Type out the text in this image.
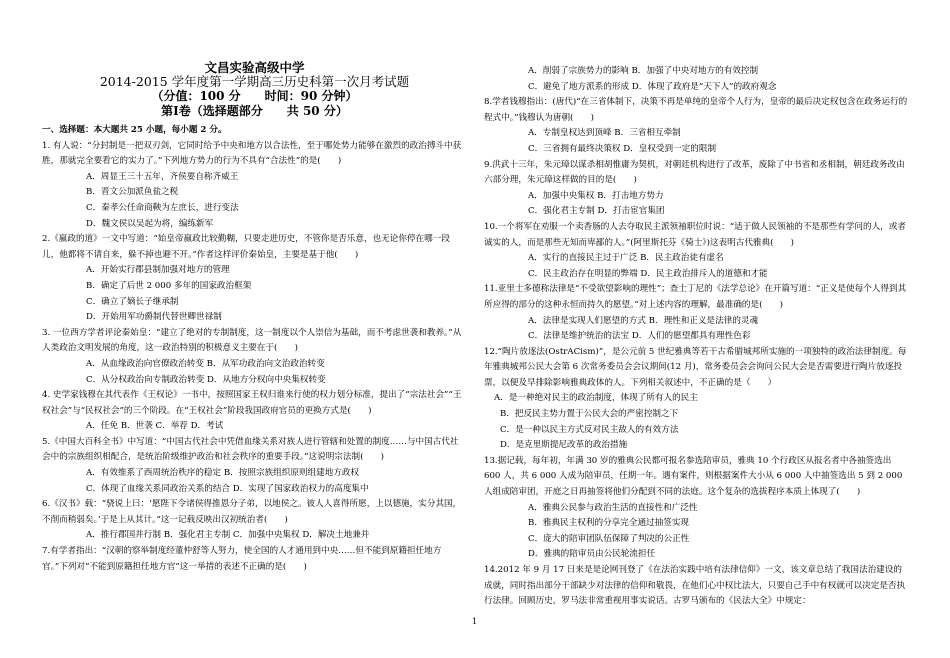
文昌实验高级中学
2014-2015 学年度第一学期高三历史科第一次月考试题
（分值：100 分　　时间：90 分钟）
第Ⅰ卷（选择题部分　　共 50 分）
一、选择题：本大题共 25 小题，每小题 2 分。
1. 有人说：“分封制是一把双刃剑，它同时给予中央和地方以合法性，至于哪处势力能够在激烈的政治搏斗中获胜，那就完全要看它的实力了。”下列地方势力的行为不具有“合法性”的是(　　)
A．周显王三十五年，齐侯要自称齐威王
B．晋文公加派鱼盐之税
C．秦孝公任命商鞅为左庶长，进行变法
D．魏文侯以吴起为将，编练新军
2.《嬴政的道》一文中写道：“始皇帝嬴政比较勤糊，只要走进历史，不管你是否乐意，也无论你停在哪一段儿，他都将不请自来，躲不掉也避不开。”作者这样评价秦始皇，主要是基于他(　　)
A．开始实行郡县制加强对地方的管理
B．确定了后世 2 000 多年的国家政治框架
C．确立了嫡长子继承制
D．开始用军功爵制代替世卿世禄制
3. 一位西方学者评论秦始皇：“建立了绝对的专制制度，这一制度以个人崇信为基础，而不考虑世袭和教养。”从人类政治文明发展的角度，这一政治特别的积极意义主要在于(　　)
A．从血缘政治向官僚政治转变 B．从军功政治向文治政治转变
C．从分权政治向专制政治转变 D．从地方分权向中央集权转变
4. 史学家钱穆在其代表作《王权论》一书中，按照国家王权归谁来行使的权力划分标准，提出了“宗法社会”“王权社会”与“民权社会”的三个阶段。在“王权社会”阶段我国政府官员的更换方式是(　　)
A．任免 B．世袭 C．举荐 D．考试
5.《中国大百科全书》中写道：“中国古代社会中凭借血缘关系对族人进行管辖和处置的制度……与中国古代社会中的宗族组织相配合，是统治阶级维护政治和社会秩序的重要手段。”这说明宗法制(　　)
A．有效维系了西周统治秩序的稳定 B．按照宗族组织原则组建地方政权
C．体现了血缘关系同政治关系的结合 D．实现了国家政治权力的高度集中
6.《汉书》载：“骁说上曰：‘愿陛下令诸侯得推恩分子弟，以地侯之。彼人人喜得所愿，上以德施，实分其国，不削而稍弱矣。’于是上从其计。”这一记载反映出汉初统治者(　　)
A．推行郡国并行制 B．强化君主专制 C．加强中央集权 D．解决土地兼并
7.有学者指出：“汉朝的察举制度经董仲舒等人努力，使全国的人才通用到中央……但不能到原籍担任地方官。”下列对“不能到原籍担任地方官”这一举措的表述不正确的是(　　)
A．削弱了宗族势力的影响 B．加强了中央对地方的有效控制
C．避免了地方派系的形成 D．体现了政府是“天下人”的政府观念
8.学者钱穆指出：(唐代)“在三省体制下，决策不再是单纯的皇帝个人行为，皇帝的最后决定权包含在政务运行的程式中。”钱穆认为唐朝(　　)
A．专制皇权达到顶峰 B．三省相互牵制
C．三省拥有最终决策权 D．皇权受到一定的限制
9.洪武十三年，朱元璋以谋杀相胡惟庸为契机，对朝廷机构进行了改革，废除了中书省和丞相制，朝廷政务改由六部分理，朱元璋这样做的目的是(　　)
A．加强中央集权 B．打击地方势力
C．强化君主专制 D．打击宦官集团
10.一个将军在劝服一个卖香肠的人去夺取民主派领袖职位时说：“适于做人民领袖的不是那些有学问的人，或者诚实的人，而是那些无知而卑鄙的人。”(阿里斯托芬《骑士》)这表明古代雅典(　　)
A．实行的直接民主过于广泛 B．民主政治徒有虚名
C．民主政治存在明显的弊端 D．民主政治排斥人的道德和才能
11.亚里士多德称法律是“不受欲望影响的理性”；查士丁尼的《法学总论》在开篇写道：“正义是使每个人得到其所应得的部分的这种永恒而持久的愿望。”对上述内容的理解，最准确的是(　　)
A．法律是实现人们愿望的方式 B．理性和正义是法律的灵魂
C．法律是维护统治的法宝 D．人们的愿望都具有理性色彩
12.“陶片放逐法(OstrACism)”，是公元前 5 世纪雅典等若干古希腊城邦所实施的一项独特的政治法律制度。每年雅典城邦公民大会第 6 次常务委员会会议期间(12 月)，常务委员会会询问公民大会是否需要进行陶片放逐投票，以便及早排除影响雅典政体的人。下列相关叙述中，不正确的是（　　）
A．是一种绝对民主的政治制度，体现了所有人的民主
B．把反民主势力置于公民大会的严密控制之下
C．是一种以民主方式反对民主敌人的有效方法
D．是克里斯提尼改革的政治措施
13.据记载，每年初，年满 30 岁的雅典公民都可报名参选陪审员，雅典 10 个行政区从报名者中各抽签选出 600 人，共 6 000 人成为陪审员，任期一年。遇有案件，则根据案件大小从 6 000 人中抽签选出 5 到 2 000 人组成陪审团，开庭之日再抽签将他们分配到不同的法庭。这个复杂的选拔程序本质上体现了(　　)
A．雅典公民参与政治生活的直接性和广泛性
B．雅典民主权利的分享完全通过抽签实现
C．庞大的陪审团队伍保障了判决的公正性
D．雅典的陪审员由公民轮流担任
14.2012 年 9 月 17 日来是是论网刊登了《在法治实践中培有法律信仰》一文，该文章总结了我国法治建设的成就，同时指出部分干部缺少对法律的信仰和敬畏，在他们心中权比法大，只要自己手中有权就可以决定是否执行法律。回顾历史，罗马法非常重视用事实说话。古罗马颁布的《民法大全》中规定：
1
